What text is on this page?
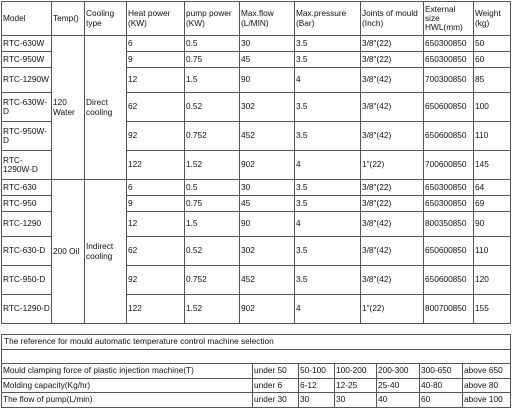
Model	Temp()	Cooling type	Heat power (KW)	pump power (KW)	Max.flow (L/MIN)	Max.pressure (Bar)	Joints of mould (Inch)	External size HWL(mm)	Weight (kg)
RTC-630W	120 Water	Direct cooling	6	0.5	30	3.5	3/8"(22)	650300850	50
RTC-950W			9	0.75	45	3.5	3/8"(22)	650300850	60
RTC-1290W			12	1.5	90	4	3/8"(42)	700300850	85
RTC-630W-D			62	0.52	302	3.5	3/8"(42)	650600850	100
RTC-950W-D			92	0.752	452	3.5	3/8"(42)	650600850	110
RTC-1290W-D			122	1.52	902	4	1"(22)	700600850	145
RTC-630	200 Oil	Indirect cooling	6	0.5	30	3.5	3/8"(22)	650300850	64
RTC-950			9	0.75	45	3.5	3/8"(22)	650300850	69
RTC-1290			12	1.5	90	4	3/8"(42)	800350850	90
RTC-630-D			62	0.52	302	3.5	3/8"(42)	650600850	110
RTC-950-D			92	0.752	452	3.5	3/8"(42)	650600850	120
RTC-1290-D			122	1.52	902	4	1"(22)	800700850	155
The reference for mould automatic temperature control machine selection						

Mould clamping force of plastic injection machine(T)	under 50	50-100	100-200	200-300	300-650	above 650
Molding capacity(Kg/hr)	under 6	6-12	12-25	25-40	40-80	above 80
The flow of pump(L/min)	under 30	30	30	40	60	above 100
